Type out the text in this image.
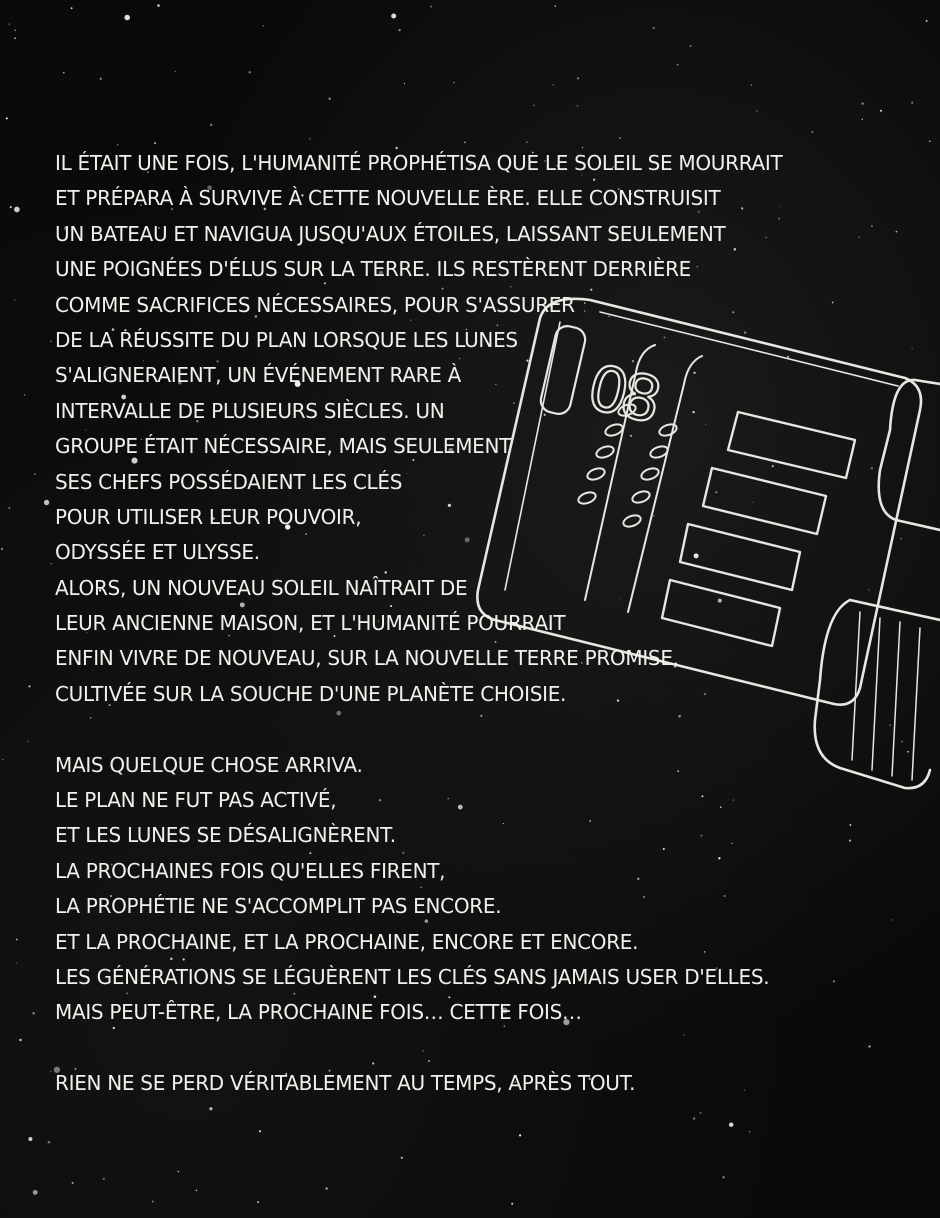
08
IL ÉTAIT UNE FOIS, L'HUMANITÉ PROPHÉTISA QUE LE SOLEIL SE MOURRAIT
ET PRÉPARA À SURVIVE À CETTE NOUVELLE ÈRE. ELLE CONSTRUISIT
UN BATEAU ET NAVIGUA JUSQU'AUX ÉTOILES, LAISSANT SEULEMENT
UNE POIGNÉES D'ÉLUS SUR LA TERRE. ILS RESTÈRENT DERRIÈRE
COMME SACRIFICES NÉCESSAIRES, POUR S'ASSURER
DE LA RÉUSSITE DU PLAN LORSQUE LES LUNES
S'ALIGNERAIENT, UN ÉVÉNEMENT RARE À
INTERVALLE DE PLUSIEURS SIÈCLES. UN
GROUPE ÉTAIT NÉCESSAIRE, MAIS SEULEMENT
SES CHEFS POSSÉDAIENT LES CLÉS
POUR UTILISER LEUR POUVOIR,
ODYSSÉE ET ULYSSE.
ALORS, UN NOUVEAU SOLEIL NAÎTRAIT DE
LEUR ANCIENNE MAISON, ET L'HUMANITÉ POURRAIT
ENFIN VIVRE DE NOUVEAU, SUR LA NOUVELLE TERRE PROMISE,
CULTIVÉE SUR LA SOUCHE D'UNE PLANÈTE CHOISIE.
MAIS QUELQUE CHOSE ARRIVA.
LE PLAN NE FUT PAS ACTIVÉ,
ET LES LUNES SE DÉSALIGNÈRENT.
LA PROCHAINES FOIS QU'ELLES FIRENT,
LA PROPHÉTIE NE S'ACCOMPLIT PAS ENCORE.
ET LA PROCHAINE, ET LA PROCHAINE, ENCORE ET ENCORE.
LES GÉNÉRATIONS SE LÉGUÈRENT LES CLÉS SANS JAMAIS USER D'ELLES.
MAIS PEUT-ÊTRE, LA PROCHAINE FOIS… CETTE FOIS…
RIEN NE SE PERD VÉRITABLEMENT AU TEMPS, APRÈS TOUT.
